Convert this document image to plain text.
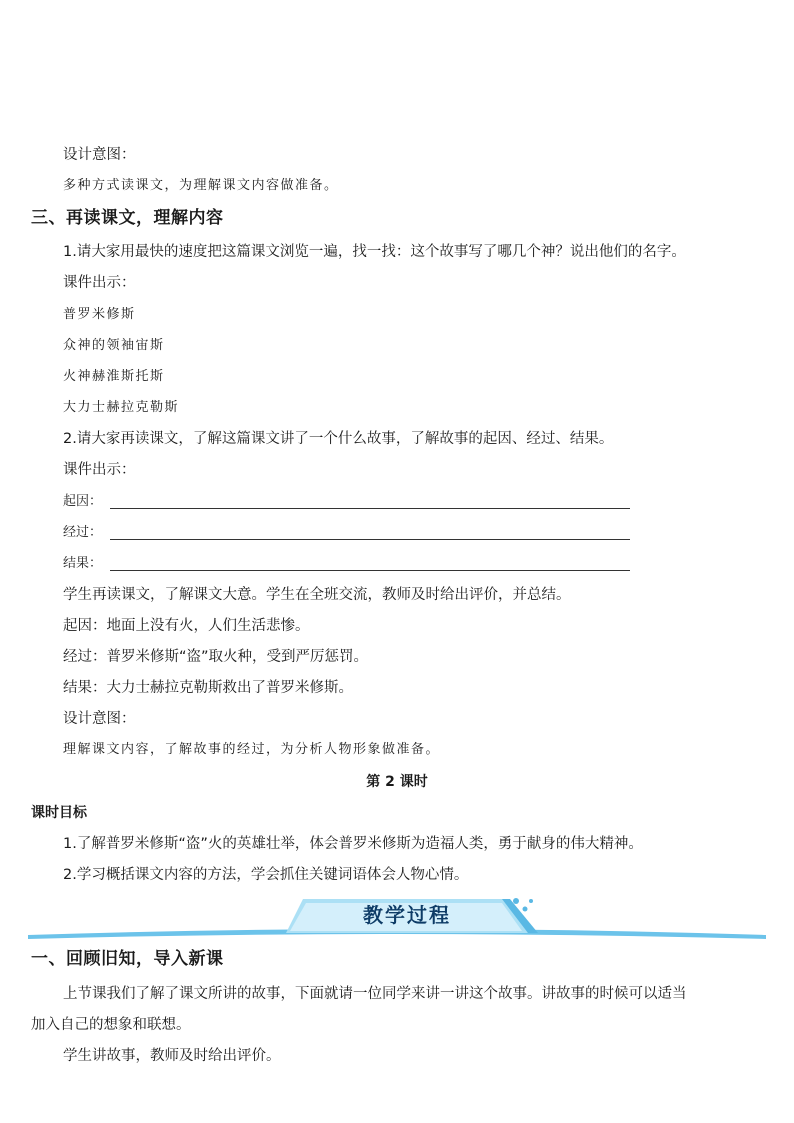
设计意图：
多种方式读课文，为理解课文内容做准备。
三、再读课文，理解内容
1.请大家用最快的速度把这篇课文浏览一遍，找一找：这个故事写了哪几个神？说出他们的名字。
课件出示：
普罗米修斯
众神的领袖宙斯
火神赫淮斯托斯
大力士赫拉克勒斯
2.请大家再读课文，了解这篇课文讲了一个什么故事，了解故事的起因、经过、结果。
课件出示：
起因：
经过：
结果：
学生再读课文，了解课文大意。学生在全班交流，教师及时给出评价，并总结。
起因：地面上没有火，人们生活悲惨。
经过：普罗米修斯“盗”取火种，受到严厉惩罚。
结果：大力士赫拉克勒斯救出了普罗米修斯。
设计意图：
理解课文内容，了解故事的经过，为分析人物形象做准备。
第 2 课时
课时目标
1.了解普罗米修斯“盗”火的英雄壮举，体会普罗米修斯为造福人类，勇于献身的伟大精神。
2.学习概括课文内容的方法，学会抓住关键词语体会人物心情。
教学过程
一、回顾旧知，导入新课
上节课我们了解了课文所讲的故事，下面就请一位同学来讲一讲这个故事。讲故事的时候可以适当
加入自己的想象和联想。
学生讲故事，教师及时给出评价。
